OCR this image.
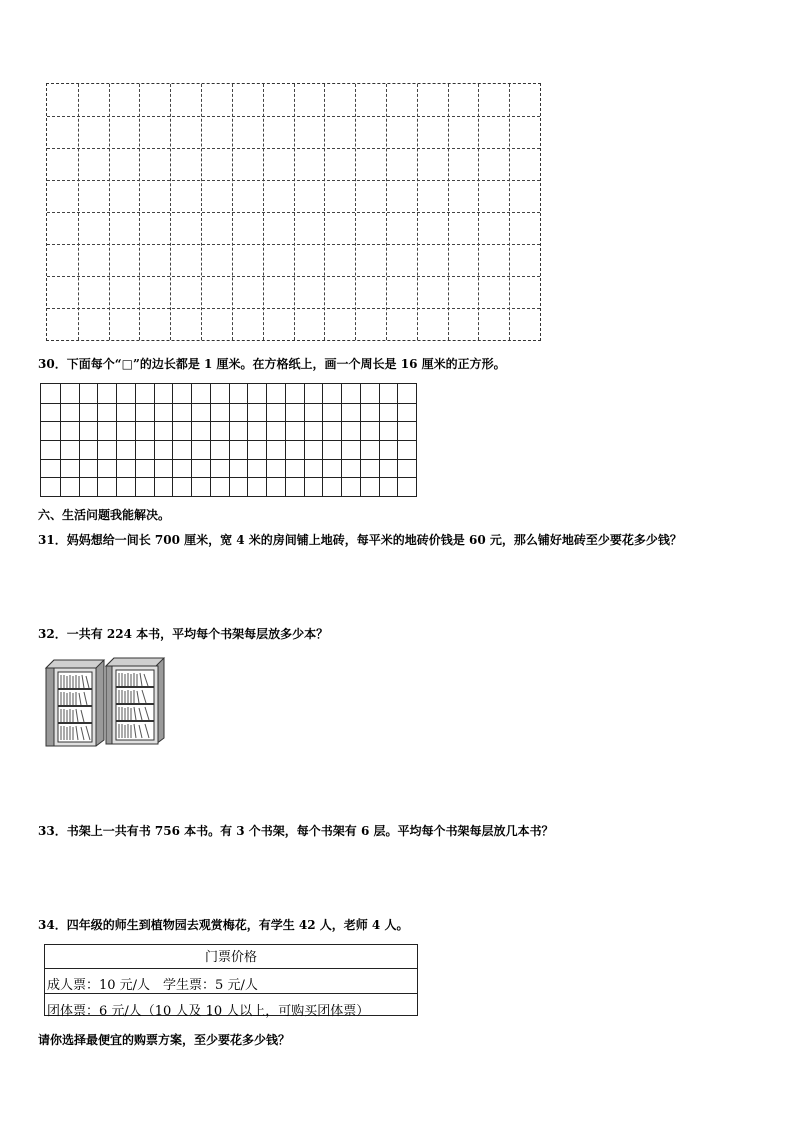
30．下面每个“□”的边长都是 1 厘米。在方格纸上，画一个周长是 16 厘米的正方形。
六、生活问题我能解决。
31．妈妈想给一间长 700 厘米，宽 4 米的房间铺上地砖，每平米的地砖价钱是 60 元，那么铺好地砖至少要花多少钱？
32．一共有 224 本书，平均每个书架每层放多少本？
33．书架上一共有书 756 本书。有 3 个书架，每个书架有 6 层。平均每个书架每层放几本书？
34．四年级的师生到植物园去观赏梅花，有学生 42 人，老师 4 人。
门票价格
成人票：10 元/人　学生票：5 元/人
团体票：6 元/人（10 人及 10 人以上，可购买团体票）
请你选择最便宜的购票方案，至少要花多少钱？
